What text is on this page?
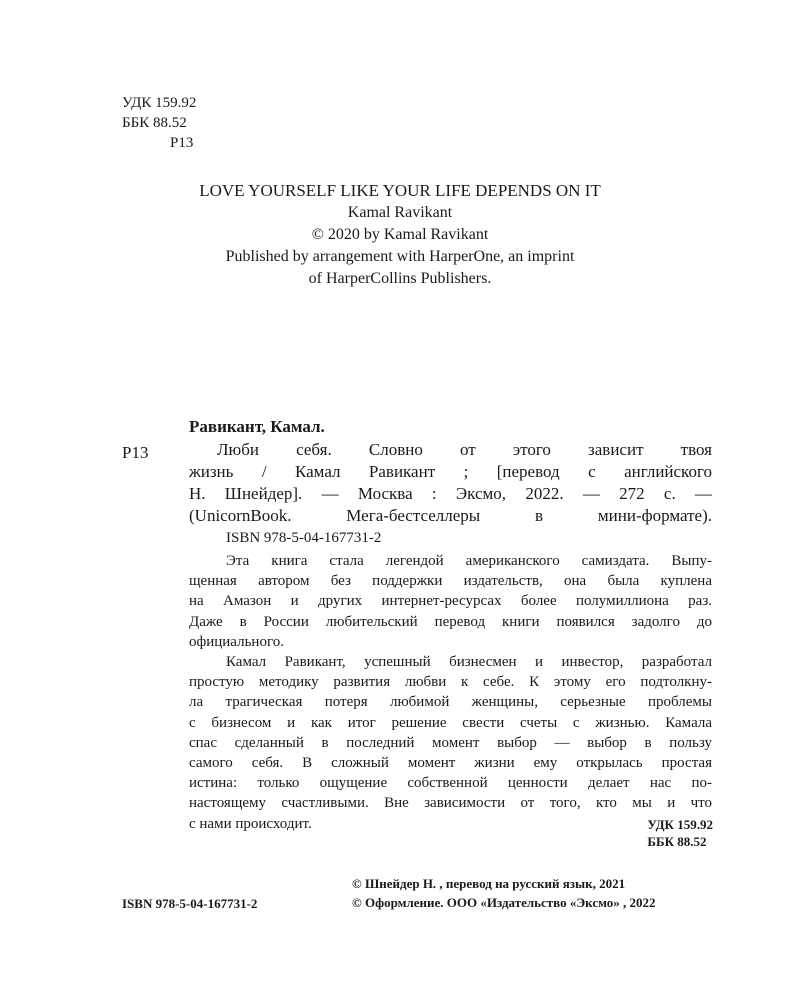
УДК 159.92
ББК 88.52
Р13
LOVE YOURSELF LIKE YOUR LIFE DEPENDS ON IT
Kamal Ravikant
© 2020 by Kamal Ravikant
Published by arrangement with HarperOne, an imprint
of HarperCollins Publishers.
Равикант, Камал.
Р13	Люби себя. Словно от этого зависит твоя
жизнь / Камал Равикант ; [перевод с английского
Н. Шнейдер]. — Москва : Эксмо, 2022. — 272 с. —
(UnicornBook. Мега-бестселлеры в мини-формате).
ISBN 978-5-04-167731-2
Эта книга стала легендой американского самиздата. Выпу-
щенная автором без поддержки издательств, она была куплена
на Амазон и других интернет-ресурсах более полумиллиона раз.
Даже в России любительский перевод книги появился задолго до
официального.
Камал Равикант, успешный бизнесмен и инвестор, разработал
простую методику развития любви к себе. К этому его подтолкну-
ла трагическая потеря любимой женщины, серьезные проблемы
с бизнесом и как итог решение свести счеты с жизнью. Камала
спас сделанный в последний момент выбор — выбор в пользу
самого себя. В сложный момент жизни ему открылась простая
истина: только ощущение собственной ценности делает нас по-
настоящему счастливыми. Вне зависимости от того, кто мы и что
с нами происходит.	УДК 159.92
ББК 88.52
ISBN 978-5-04-167731-2
© Шнейдер Н. , перевод на русский язык, 2021
© Оформление. ООО «Издательство «Эксмо» , 2022
